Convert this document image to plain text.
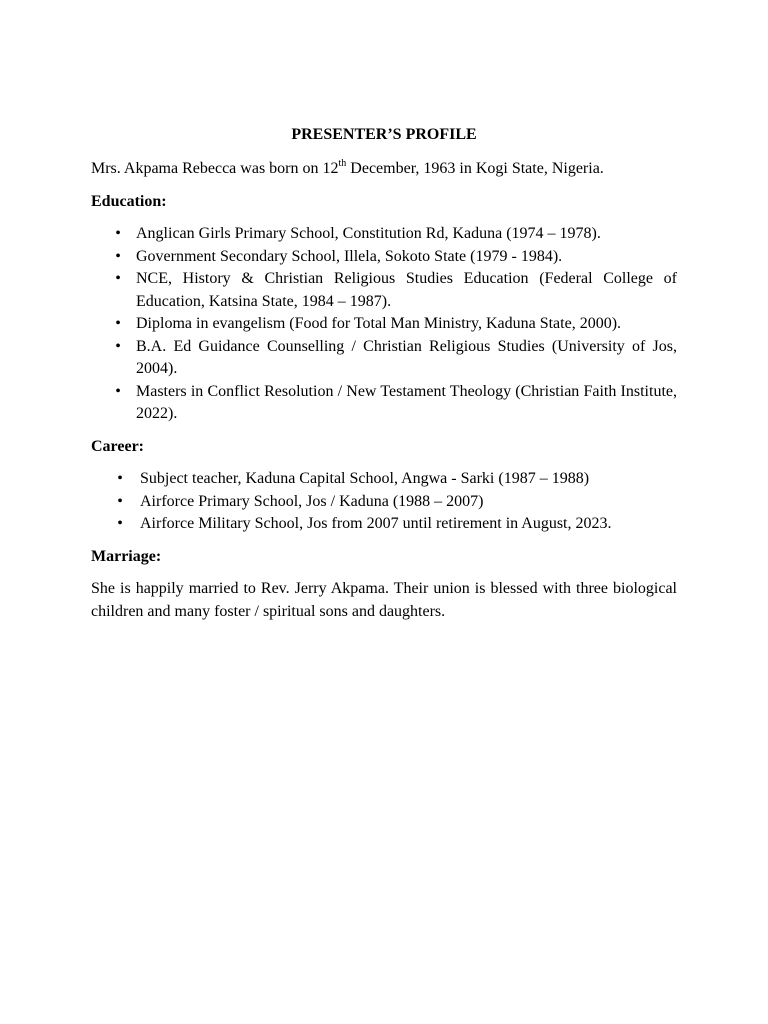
PRESENTER’S PROFILE

Mrs. Akpama Rebecca was born on 12th December, 1963 in Kogi State, Nigeria.

Education:
• Anglican Girls Primary School, Constitution Rd, Kaduna (1974 – 1978).
• Government Secondary School, Illela, Sokoto State (1979 - 1984).
• NCE, History & Christian Religious Studies Education (Federal College of Education, Katsina State, 1984 – 1987).
• Diploma in evangelism (Food for Total Man Ministry, Kaduna State, 2000).
• B.A. Ed Guidance Counselling / Christian Religious Studies (University of Jos, 2004).
• Masters in Conflict Resolution / New Testament Theology (Christian Faith Institute, 2022).
Career:
• Subject teacher, Kaduna Capital School, Angwa - Sarki (1987 – 1988)
• Airforce Primary School, Jos / Kaduna (1988 – 2007)
• Airforce Military School, Jos from 2007 until retirement in August, 2023.
Marriage:

She is happily married to Rev. Jerry Akpama. Their union is blessed with three biological children and many foster / spiritual sons and daughters.
